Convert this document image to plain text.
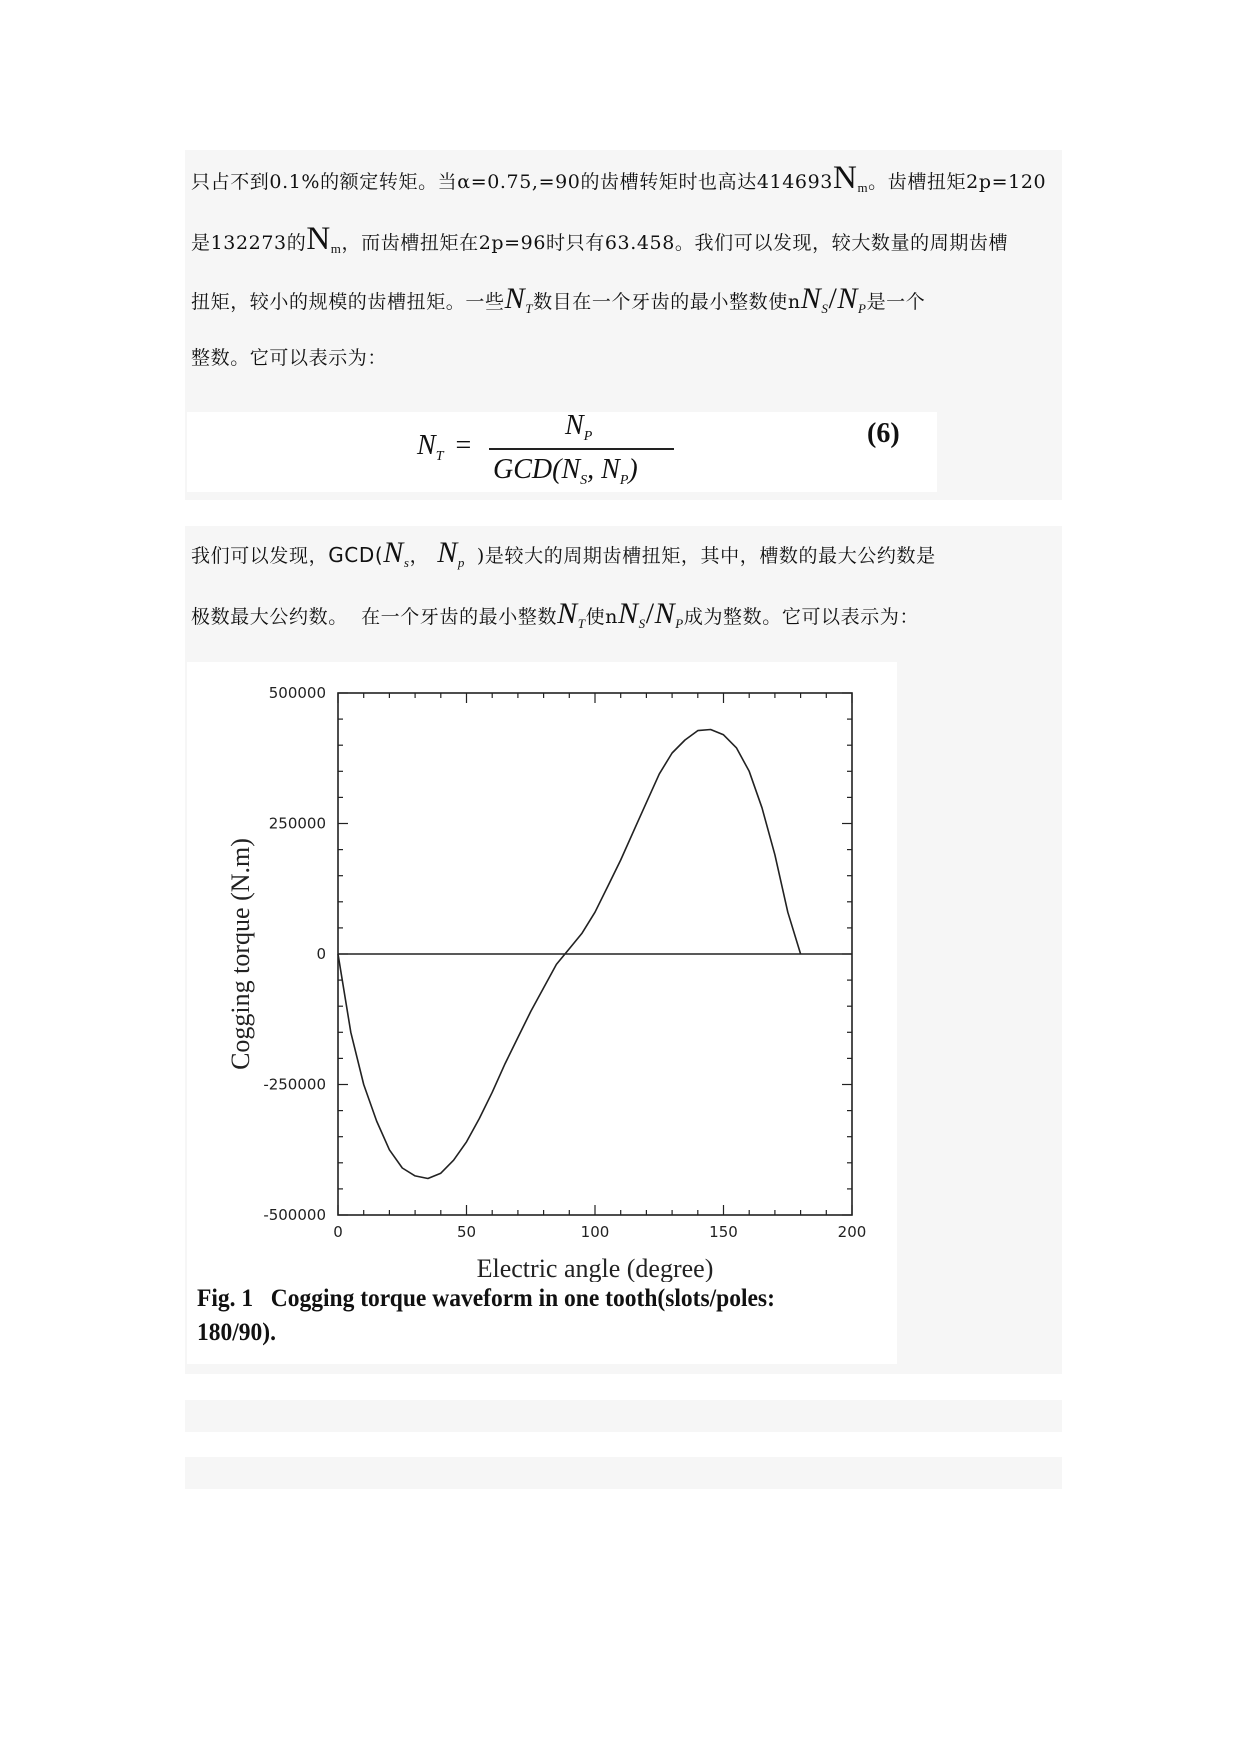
只占不到0.1%的额定转矩。当α=0.75,=90的齿槽转矩时也高达414693 N m 。齿槽扭矩2p=120
是132273的 N m ，而齿槽扭矩在2p=96时只有63.458。我们可以发现，较大数量的周期齿槽
扭矩，较小的规模的齿槽扭矩。一些 N T 数目在一个牙齿的最小整数使n N S / N P 是一个
整数。它可以表示为：
$N_T$ =
$N_P$
$GCD(N_S$, $N_P$)
(6)
我们可以发现， GCD( N s ， N p )是较大的周期齿槽扭矩，其中，槽数的最大公约数是
极数最大公约数。  在一个牙齿的最小整数 N T 使n N S / N P 成为整数。它可以表示为：
0	50	100	150	200
-500000
-250000
0
250000
500000
Electric angle (degree)
Cogging torque (N.m)
Fig. 1   Cogging torque waveform in one tooth(slots/poles: 180/90).
